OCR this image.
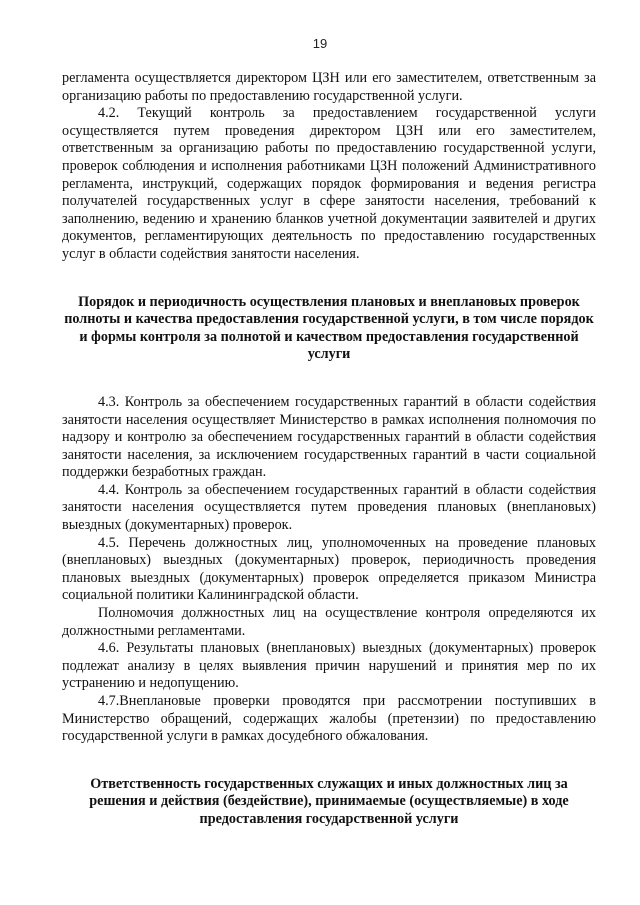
19

регламента осуществляется директором ЦЗН или его заместителем, ответственным за организацию работы по предоставлению государственной услуги.

4.2. Текущий контроль за предоставлением государственной услуги осуществляется путем проведения директором ЦЗН или его заместителем, ответственным за организацию работы по предоставлению государственной услуги, проверок соблюдения и исполнения работниками ЦЗН положений Административного регламента, инструкций, содержащих порядок формирования и ведения регистра получателей государственных услуг в сфере занятости населения, требований к заполнению, ведению и хранению бланков учетной документации заявителей и других документов, регламентирующих деятельность по предоставлению государственных услуг в области содействия занятости населения.

Порядок и периодичность осуществления плановых и внеплановых проверок полноты и качества предоставления государственной услуги, в том числе порядок и формы контроля за полнотой и качеством предоставления государственной услуги

4.3. Контроль за обеспечением государственных гарантий в области содействия занятости населения осуществляет Министерство в рамках исполнения полномочия по надзору и контролю за обеспечением государственных гарантий в области содействия занятости населения, за исключением государственных гарантий в части социальной поддержки безработных граждан.

4.4. Контроль за обеспечением государственных гарантий в области содействия занятости населения осуществляется путем проведения плановых (внеплановых) выездных (документарных) проверок.

4.5. Перечень должностных лиц, уполномоченных на проведение плановых (внеплановых) выездных (документарных) проверок, периодичность проведения плановых выездных (документарных) проверок определяется приказом Министра социальной политики Калининградской области.

Полномочия должностных лиц на осуществление контроля определяются их должностными регламентами.

4.6. Результаты плановых (внеплановых) выездных (документарных) проверок подлежат анализу в целях выявления причин нарушений и принятия мер по их устранению и недопущению.

4.7.Внеплановые проверки проводятся при рассмотрении поступивших в Министерство обращений, содержащих жалобы (претензии) по предоставлению государственной услуги в рамках досудебного обжалования.

Ответственность государственных служащих и иных должностных лиц за решения и действия (бездействие), принимаемые (осуществляемые) в ходе предоставления государственной услуги
